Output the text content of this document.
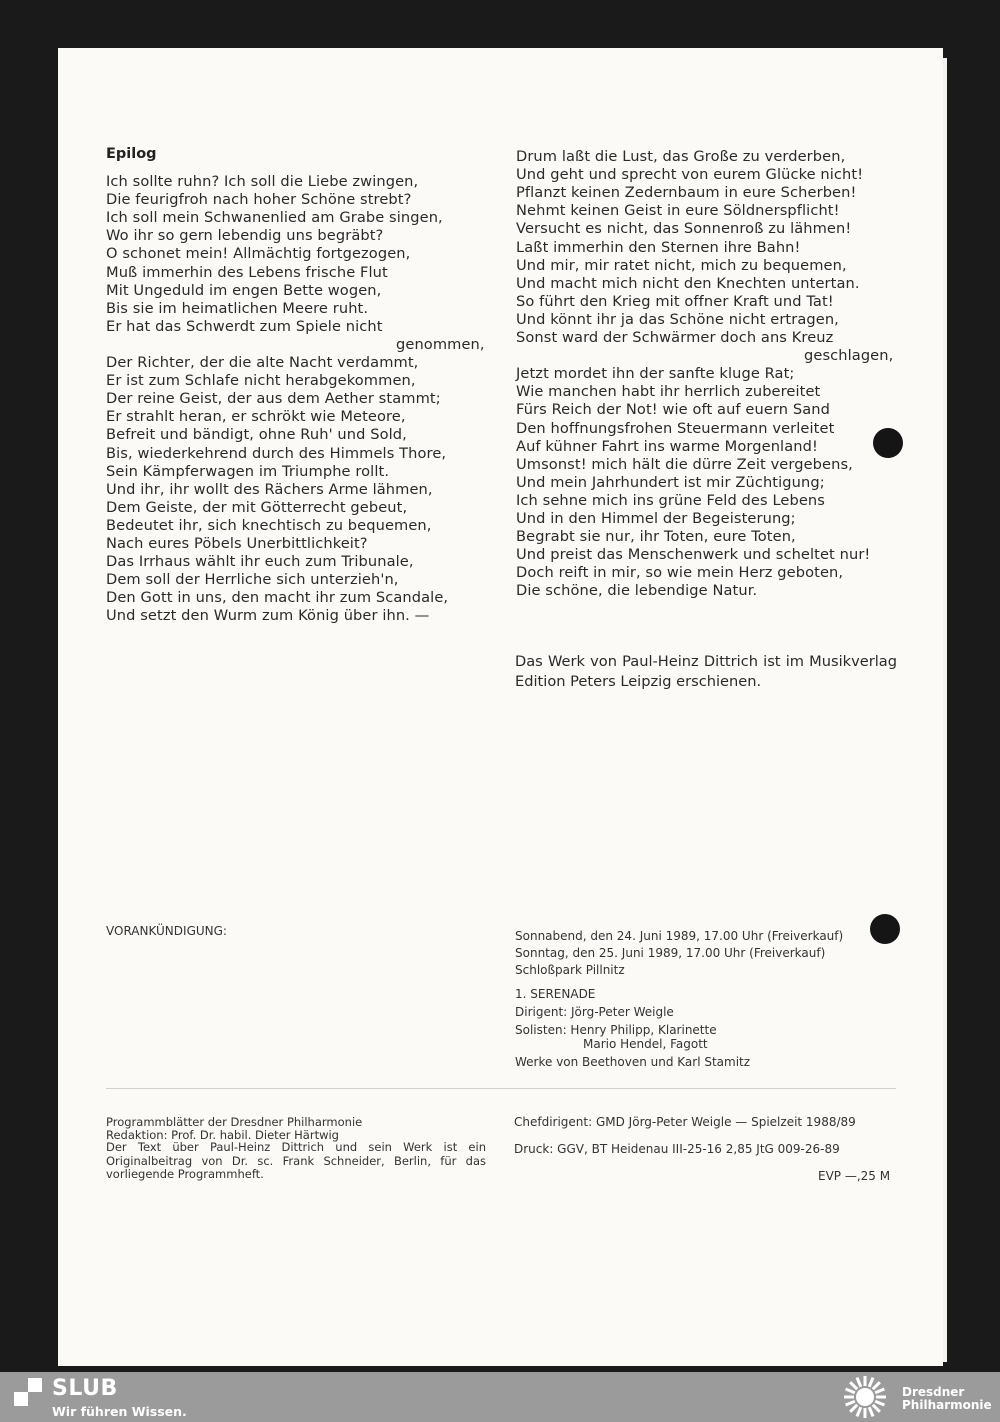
Epilog
Ich sollte ruhn? Ich soll die Liebe zwingen,
Die feurigfroh nach hoher Schöne strebt?
Ich soll mein Schwanenlied am Grabe singen,
Wo ihr so gern lebendig uns begräbt?
O schonet mein! Allmächtig fortgezogen,
Muß immerhin des Lebens frische Flut
Mit Ungeduld im engen Bette wogen,
Bis sie im heimatlichen Meere ruht.
Er hat das Schwerdt zum Spiele nicht
genommen,
Der Richter, der die alte Nacht verdammt,
Er ist zum Schlafe nicht herabgekommen,
Der reine Geist, der aus dem Aether stammt;
Er strahlt heran, er schrökt wie Meteore,
Befreit und bändigt, ohne Ruh' und Sold,
Bis, wiederkehrend durch des Himmels Thore,
Sein Kämpferwagen im Triumphe rollt.
Und ihr, ihr wollt des Rächers Arme lähmen,
Dem Geiste, der mit Götterrecht gebeut,
Bedeutet ihr, sich knechtisch zu bequemen,
Nach eures Pöbels Unerbittlichkeit?
Das Irrhaus wählt ihr euch zum Tribunale,
Dem soll der Herrliche sich unterzieh'n,
Den Gott in uns, den macht ihr zum Scandale,
Und setzt den Wurm zum König über ihn. —
Drum laßt die Lust, das Große zu verderben,
Und geht und sprecht von eurem Glücke nicht!
Pflanzt keinen Zedernbaum in eure Scherben!
Nehmt keinen Geist in eure Söldnerspflicht!
Versucht es nicht, das Sonnenroß zu lähmen!
Laßt immerhin den Sternen ihre Bahn!
Und mir, mir ratet nicht, mich zu bequemen,
Und macht mich nicht den Knechten untertan.
So führt den Krieg mit offner Kraft und Tat!
Und könnt ihr ja das Schöne nicht ertragen,
Sonst ward der Schwärmer doch ans Kreuz
geschlagen,
Jetzt mordet ihn der sanfte kluge Rat;
Wie manchen habt ihr herrlich zubereitet
Fürs Reich der Not! wie oft auf euern Sand
Den hoffnungsfrohen Steuermann verleitet
Auf kühner Fahrt ins warme Morgenland!
Umsonst! mich hält die dürre Zeit vergebens,
Und mein Jahrhundert ist mir Züchtigung;
Ich sehne mich ins grüne Feld des Lebens
Und in den Himmel der Begeisterung;
Begrabt sie nur, ihr Toten, eure Toten,
Und preist das Menschenwerk und scheltet nur!
Doch reift in mir, so wie mein Herz geboten,
Die schöne, die lebendige Natur.
Das Werk von Paul-Heinz Dittrich ist im Musikverlag Edition Peters Leipzig erschienen.
VORANKÜNDIGUNG:	Sonnabend, den 24. Juni 1989, 17.00 Uhr (Freiverkauf)
Sonntag, den 25. Juni 1989, 17.00 Uhr (Freiverkauf)
Schloßpark Pillnitz
1. SERENADE
Dirigent: Jörg-Peter Weigle
Solisten: Henry Philipp, Klarinette
Mario Hendel, Fagott
Werke von Beethoven und Karl Stamitz
Programmblätter der Dresdner Philharmonie
Redaktion: Prof. Dr. habil. Dieter Härtwig
Der Text über Paul-Heinz Dittrich und sein Werk ist ein Originalbeitrag von Dr. sc. Frank Schneider, Berlin, für das vorliegende Programmheft.
Chefdirigent: GMD Jörg-Peter Weigle — Spielzeit 1988/89
Druck: GGV, BT Heidenau III-25-16 2,85 JtG 009-26-89
EVP —,25 M
SLUB
Wir führen Wissen.
Dresdner
Philharmonie
